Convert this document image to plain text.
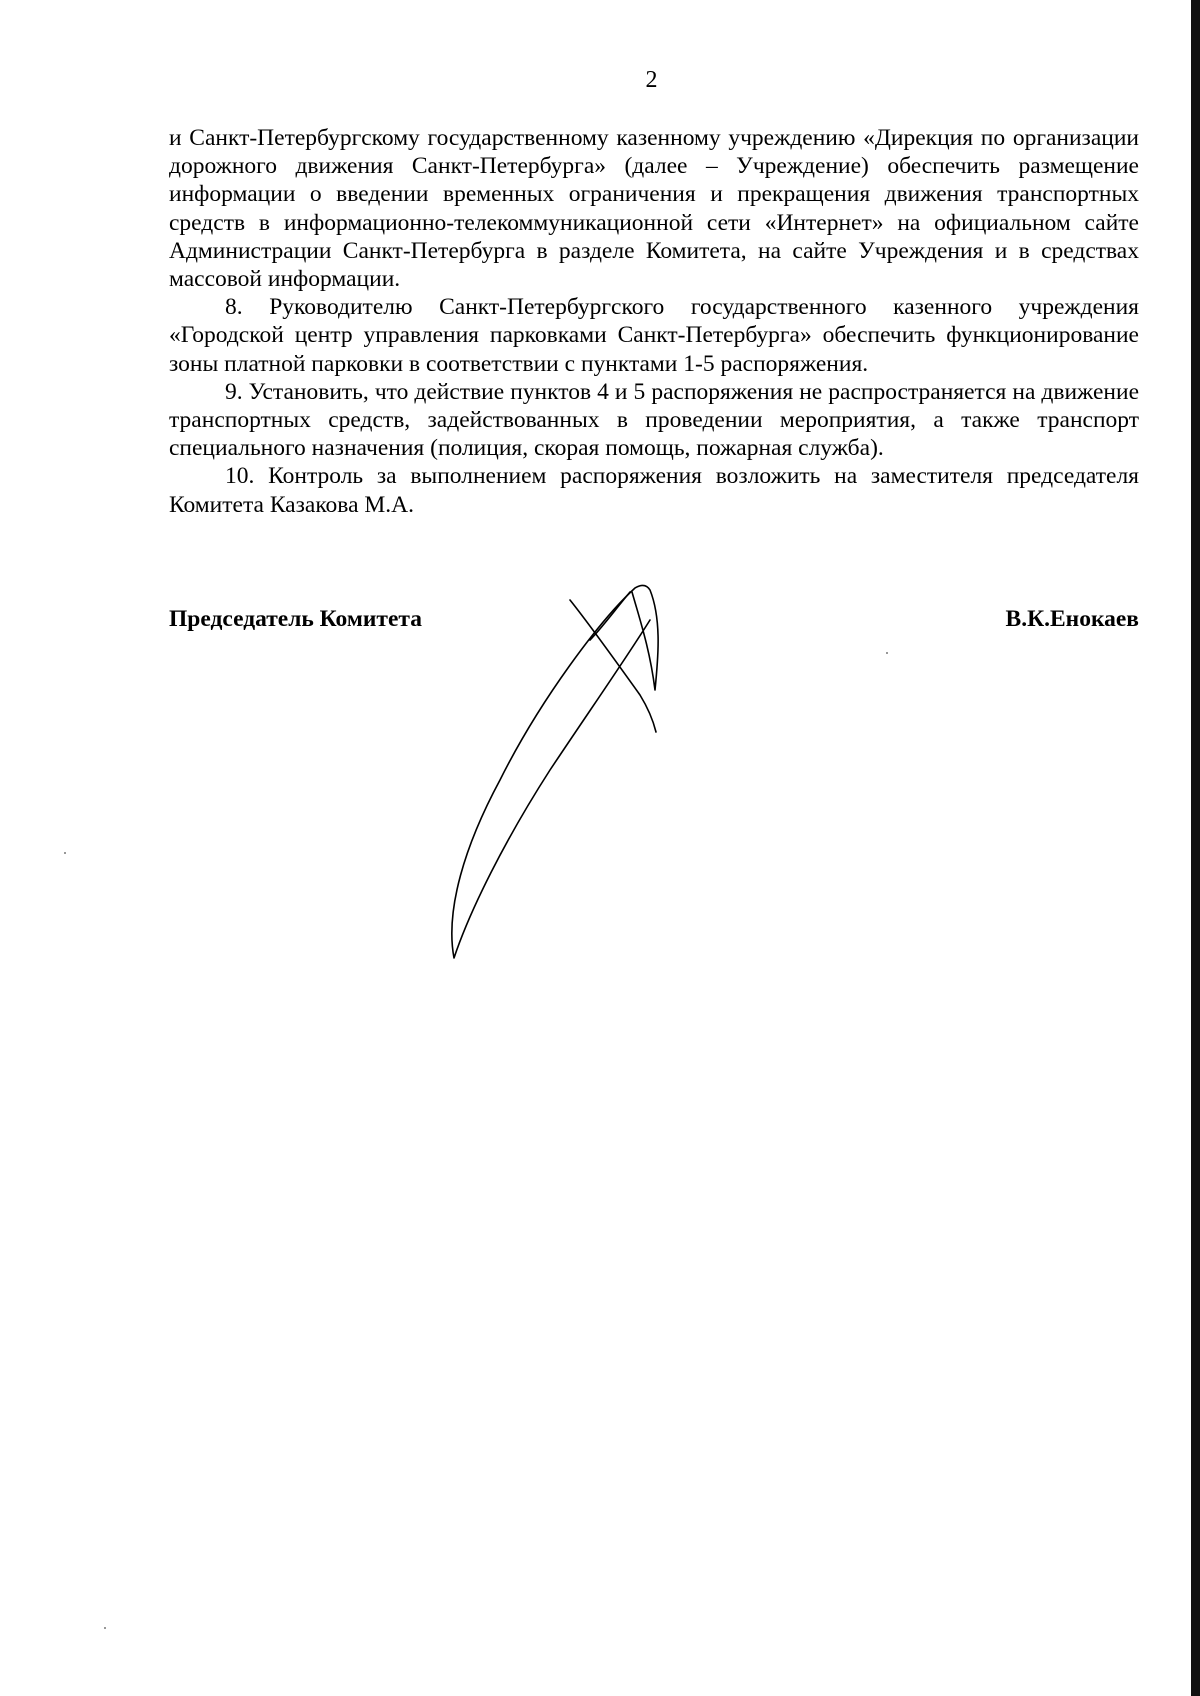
2

и Санкт-Петербургскому государственному казенному учреждению «Дирекция по организации дорожного движения Санкт-Петербурга» (далее – Учреждение) обеспечить размещение информации о введении временных ограничения и прекращения движения транспортных средств в информационно-телекоммуникационной сети «Интернет» на официальном сайте Администрации Санкт-Петербурга в разделе Комитета, на сайте Учреждения и в средствах массовой информации.

8. Руководителю Санкт-Петербургского государственного казенного учреждения «Городской центр управления парковками Санкт-Петербурга» обеспечить функционирование зоны платной парковки в соответствии с пунктами 1-5 распоряжения.

9. Установить, что действие пунктов 4 и 5 распоряжения не распространяется на движение транспортных средств, задействованных в проведении мероприятия, а также транспорт специального назначения (полиция, скорая помощь, пожарная служба).

10. Контроль за выполнением распоряжения возложить на заместителя председателя Комитета Казакова М.А.

Председатель Комитета	В.К.Енокаев
